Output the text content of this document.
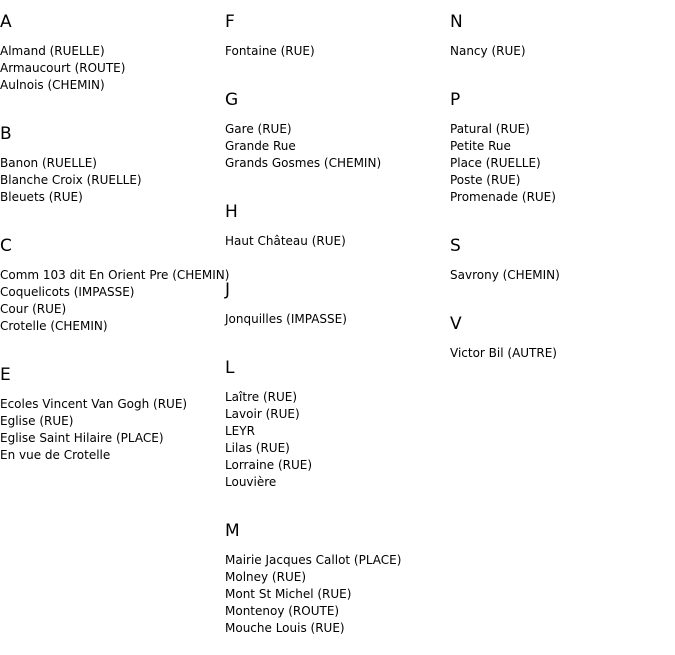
A
Almand (RUELLE)
Armaucourt (ROUTE)
Aulnois (CHEMIN)
B
Banon (RUELLE)
Blanche Croix (RUELLE)
Bleuets (RUE)
C
Comm 103 dit En Orient Pre (CHEMIN)
Coquelicots (IMPASSE)
Cour (RUE)
Crotelle (CHEMIN)
E
Ecoles Vincent Van Gogh (RUE)
Eglise (RUE)
Eglise Saint Hilaire (PLACE)
En vue de Crotelle
F
Fontaine (RUE)
G
Gare (RUE)
Grande Rue
Grands Gosmes (CHEMIN)
H
Haut Château (RUE)
J
Jonquilles (IMPASSE)
L
Laître (RUE)
Lavoir (RUE)
LEYR
Lilas (RUE)
Lorraine (RUE)
Louvière
M
Mairie Jacques Callot (PLACE)
Molney (RUE)
Mont St Michel (RUE)
Montenoy (ROUTE)
Mouche Louis (RUE)
N
Nancy (RUE)
P
Patural (RUE)
Petite Rue
Place (RUELLE)
Poste (RUE)
Promenade (RUE)
S
Savrony (CHEMIN)
V
Victor Bil (AUTRE)
